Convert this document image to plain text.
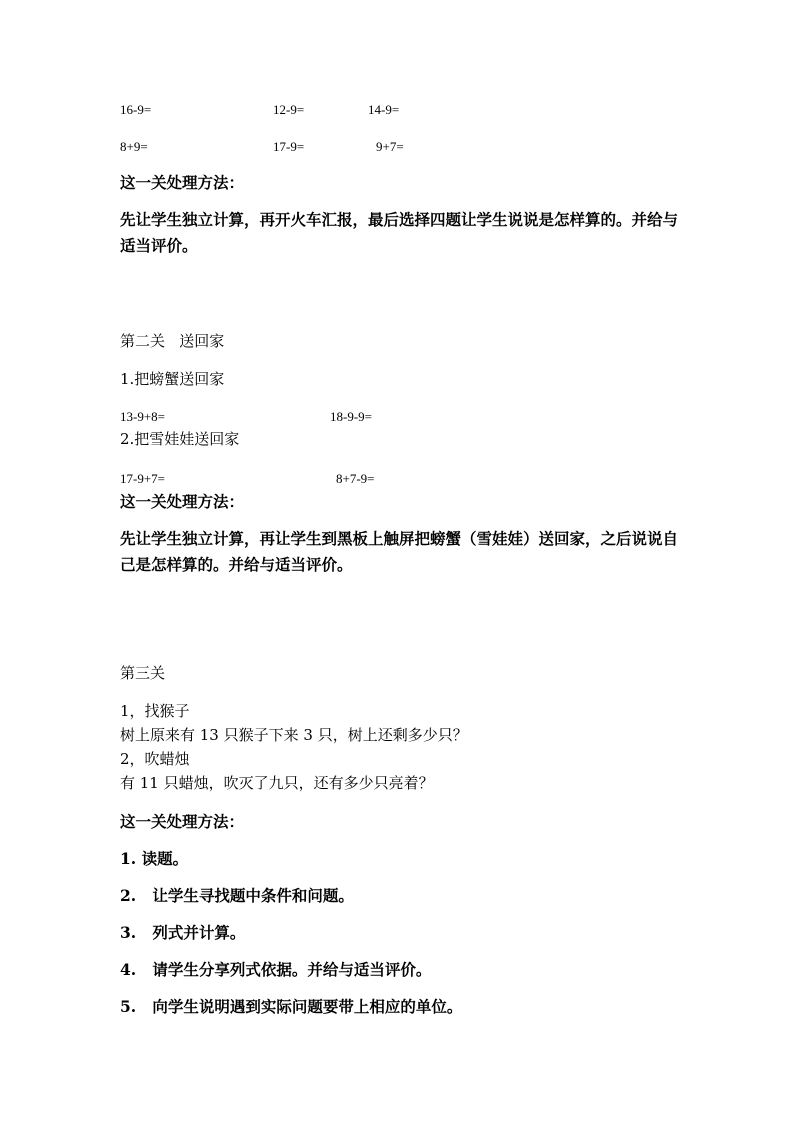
16-9=	12-9=	14-9=
8+9=	17-9=	9+7=
这一关处理方法：
先让学生独立计算，再开火车汇报，最后选择四题让学生说说是怎样算的。并给与适当评价。
第二关   送回家
1.把螃蟹送回家
13-9+8=	18-9-9=
2.把雪娃娃送回家
17-9+7=	8+7-9=
这一关处理方法：
先让学生独立计算，再让学生到黑板上触屏把螃蟹（雪娃娃）送回家，之后说说自己是怎样算的。并给与适当评价。
第三关
1，找猴子
树上原来有 13 只猴子下来 3 只，树上还剩多少只？
2，吹蜡烛
有 11 只蜡烛，吹灭了九只，还有多少只亮着？
这一关处理方法：
1. 读题。
2.   让学生寻找题中条件和问题。
3.   列式并计算。
4.   请学生分享列式依据。并给与适当评价。
5.   向学生说明遇到实际问题要带上相应的单位。
